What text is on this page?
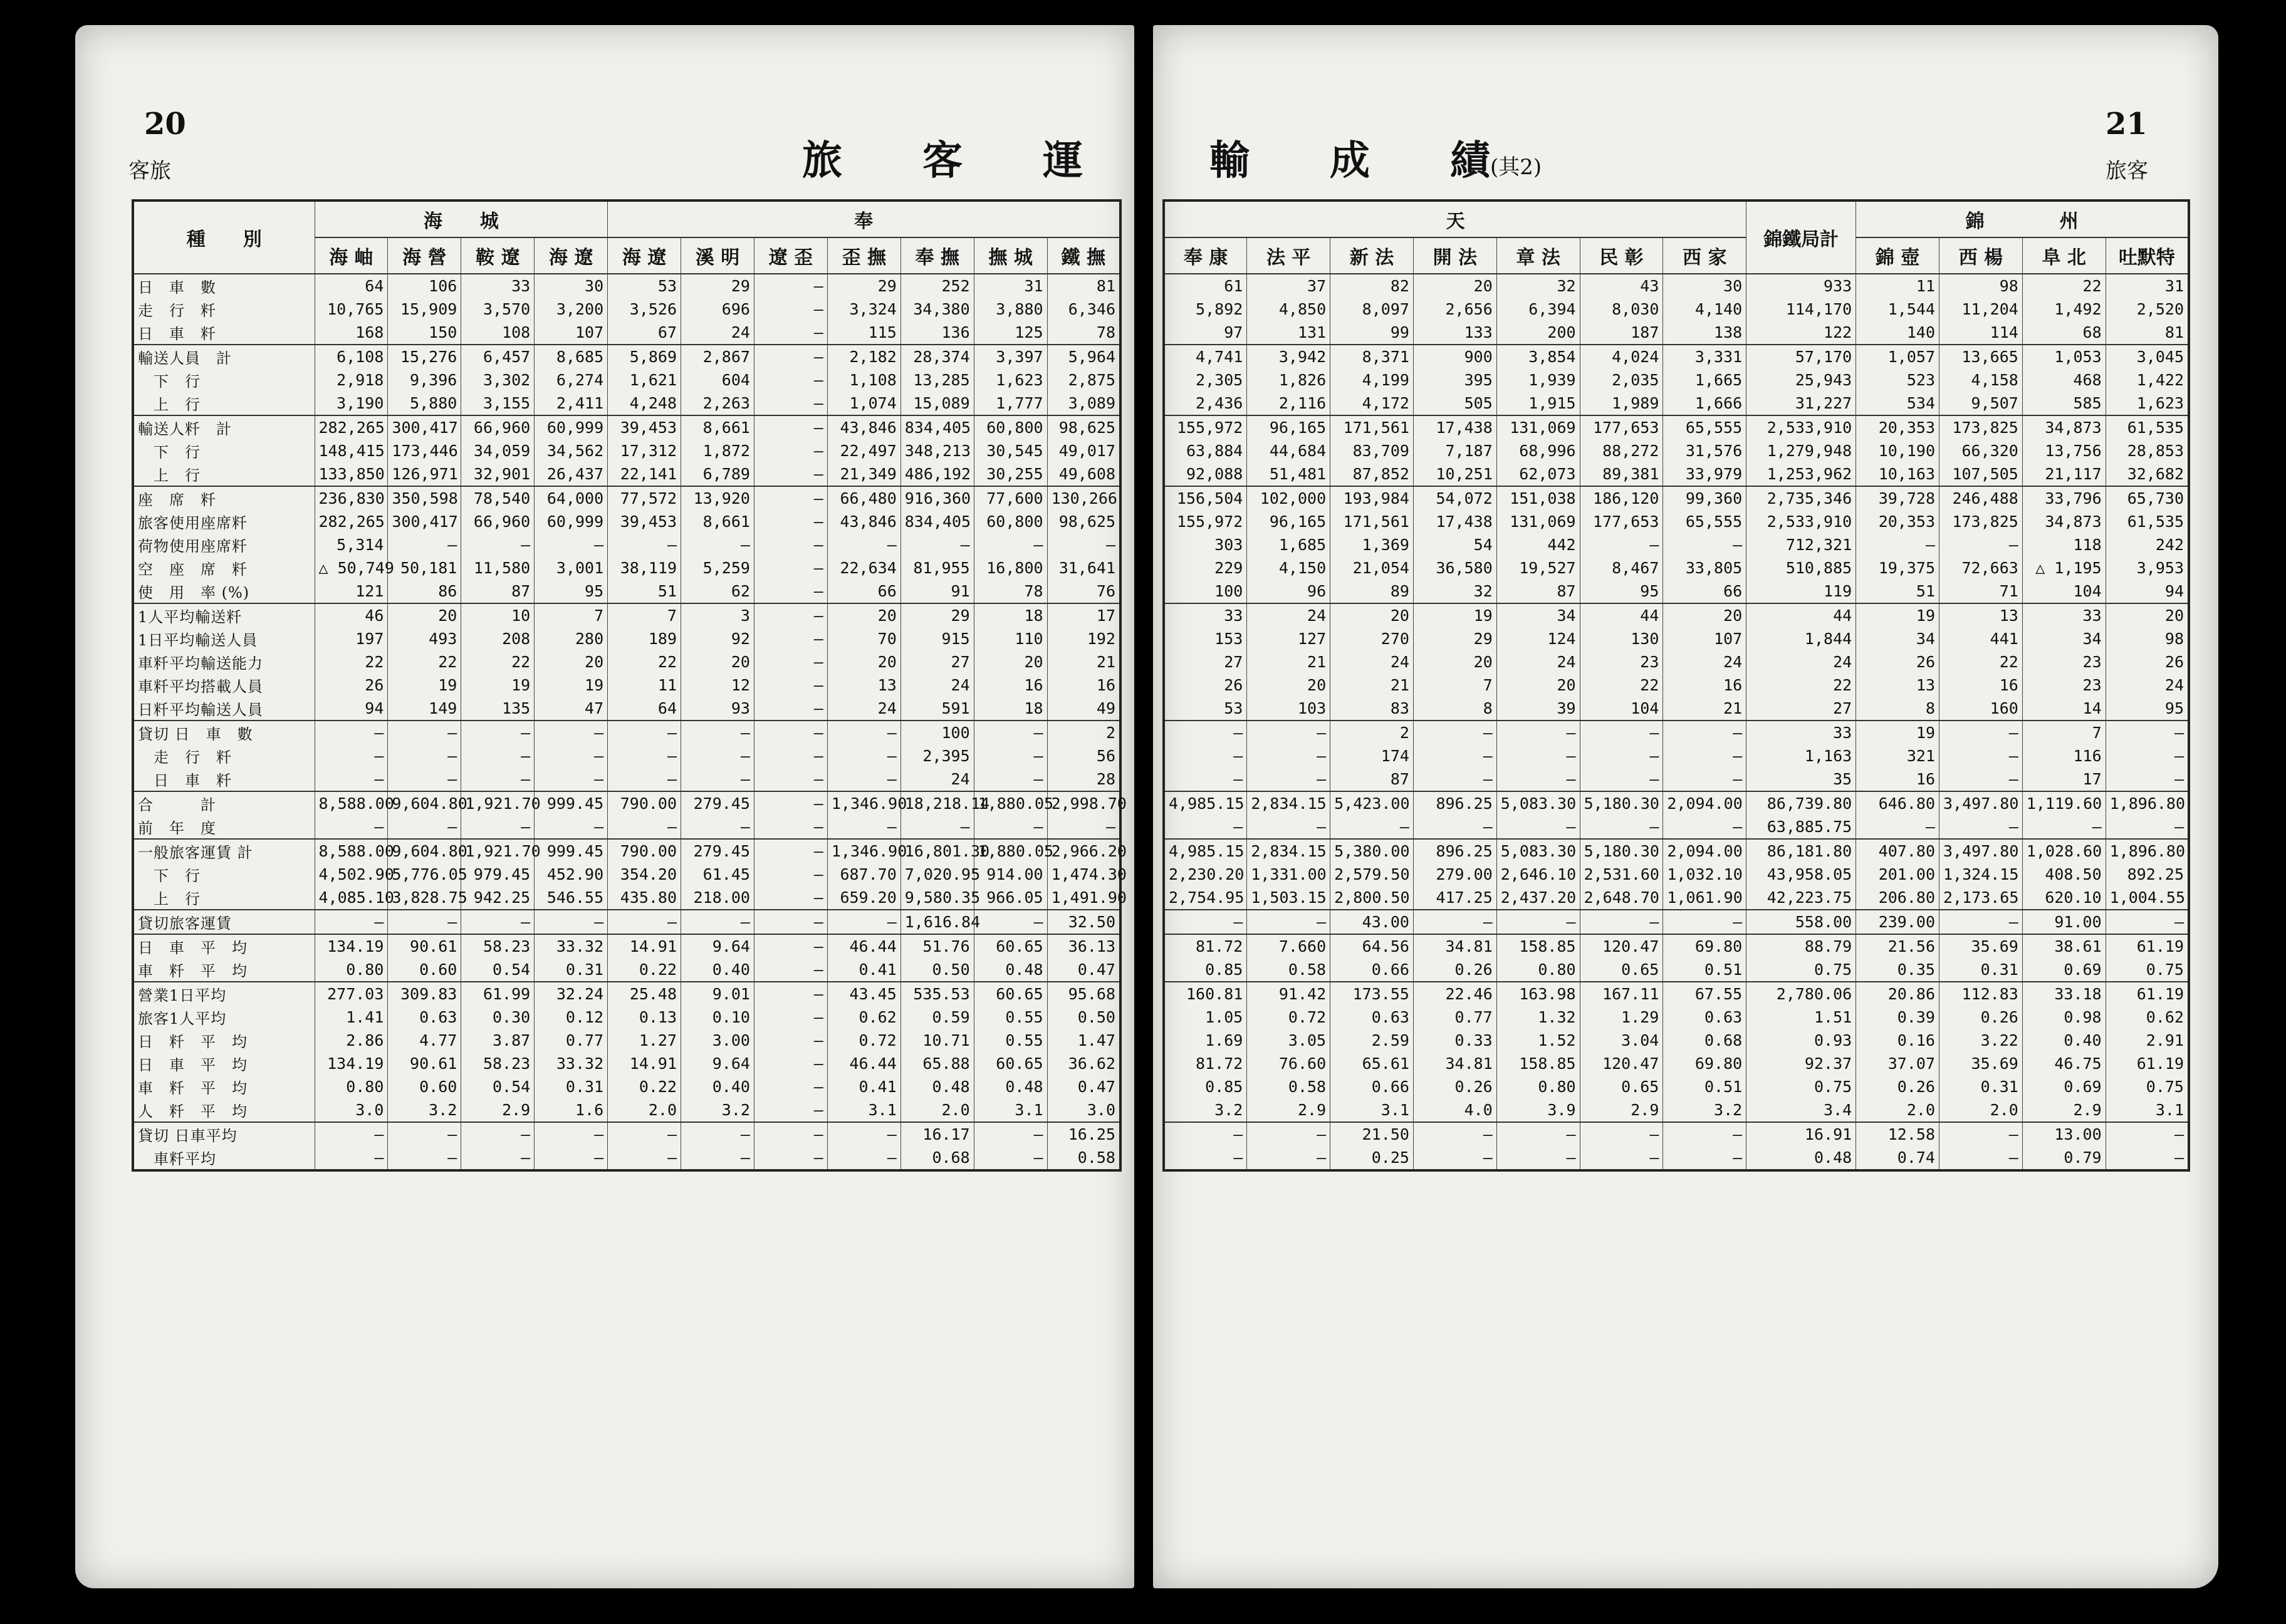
20
客旅	旅　　客　　運
種　　別	海　　城				奉						
	海 岫	海 營	鞍 遼	海 遼	海 遼	溪 明	遼 歪	歪 撫	奉 撫	撫 城	鐵 撫
日　車　數	64	106	33	30	53	29	—	29	252	31	81
走　行　粁	10,765	15,909	3,570	3,200	3,526	696	—	3,324	34,380	3,880	6,346
日　車　粁	168	150	108	107	67	24	—	115	136	125	78
輸送人員　計	6,108	15,276	6,457	8,685	5,869	2,867	—	2,182	28,374	3,397	5,964
　下　行	2,918	9,396	3,302	6,274	1,621	604	—	1,108	13,285	1,623	2,875
　上　行	3,190	5,880	3,155	2,411	4,248	2,263	—	1,074	15,089	1,777	3,089
輸送人粁　計	282,265	300,417	66,960	60,999	39,453	8,661	—	43,846	834,405	60,800	98,625
　下　行	148,415	173,446	34,059	34,562	17,312	1,872	—	22,497	348,213	30,545	49,017
　上　行	133,850	126,971	32,901	26,437	22,141	6,789	—	21,349	486,192	30,255	49,608
座　席　粁	236,830	350,598	78,540	64,000	77,572	13,920	—	66,480	916,360	77,600	130,266
旅客使用座席粁	282,265	300,417	66,960	60,999	39,453	8,661	—	43,846	834,405	60,800	98,625
荷物使用座席粁	5,314	—	—	—	—	—	—	—	—	—	—
空　座　席　粁	△ 50,749	50,181	11,580	3,001	38,119	5,259	—	22,634	81,955	16,800	31,641
使　用　率 (%)	121	86	87	95	51	62	—	66	91	78	76
1人平均輸送粁	46	20	10	7	7	3	—	20	29	18	17
1日平均輸送人員	197	493	208	280	189	92	—	70	915	110	192
車粁平均輸送能力	22	22	22	20	22	20	—	20	27	20	21
車粁平均搭載人員	26	19	19	19	11	12	—	13	24	16	16
日粁平均輸送人員	94	149	135	47	64	93	—	24	591	18	49
貸切 日　車　數	—	—	—	—	—	—	—	—	100	—	2
　走　行　粁	—	—	—	—	—	—	—	—	2,395	—	56
　日　車　粁	—	—	—	—	—	—	—	—	24	—	28
合　　　計	8,588.00	9,604.80	1,921.70	999.45	790.00	279.45	—	1,346.90	18,218.14	1,880.05	2,998.70
前　年　度	—	—	—	—	—	—	—	—	—	—	—
一般旅客運賃 計	8,588.00	9,604.80	1,921.70	999.45	790.00	279.45	—	1,346.90	16,801.30	1,880.05	2,966.20
　下　行	4,502.90	5,776.05	979.45	452.90	354.20	61.45	—	687.70	7,020.95	914.00	1,474.30
　上　行	4,085.10	3,828.75	942.25	546.55	435.80	218.00	—	659.20	9,580.35	966.05	1,491.90
貸切旅客運賃	—	—	—	—	—	—	—	—	1,616.84	—	32.50
日　車　平　均	134.19	90.61	58.23	33.32	14.91	9.64	—	46.44	51.76	60.65	36.13
車　粁　平　均	0.80	0.60	0.54	0.31	0.22	0.40	—	0.41	0.50	0.48	0.47
營業1日平均	277.03	309.83	61.99	32.24	25.48	9.01	—	43.45	535.53	60.65	95.68
旅客1人平均	1.41	0.63	0.30	0.12	0.13	0.10	—	0.62	0.59	0.55	0.50
日　粁　平　均	2.86	4.77	3.87	0.77	1.27	3.00	—	0.72	10.71	0.55	1.47
日　車　平　均	134.19	90.61	58.23	33.32	14.91	9.64	—	46.44	65.88	60.65	36.62
車　粁　平　均	0.80	0.60	0.54	0.31	0.22	0.40	—	0.41	0.48	0.48	0.47
人　粁　平　均	3.0	3.2	2.9	1.6	2.0	3.2	—	3.1	2.0	3.1	3.0
貸切 日車平均	—	—	—	—	—	—	—	—	16.17	—	16.25
　車粁平均	—	—	—	—	—	—	—	—	0.68	—	0.58
輸　　成　　績(其2)
21
旅客
天							錦鐵局計	錦　　　　州			
奉 康	法 平	新 法	開 法	章 法	民 彰	西 家		錦 壺	西 楊	阜 北	吐默特
61	37	82	20	32	43	30	933	11	98	22	31
5,892	4,850	8,097	2,656	6,394	8,030	4,140	114,170	1,544	11,204	1,492	2,520
97	131	99	133	200	187	138	122	140	114	68	81
4,741	3,942	8,371	900	3,854	4,024	3,331	57,170	1,057	13,665	1,053	3,045
2,305	1,826	4,199	395	1,939	2,035	1,665	25,943	523	4,158	468	1,422
2,436	2,116	4,172	505	1,915	1,989	1,666	31,227	534	9,507	585	1,623
155,972	96,165	171,561	17,438	131,069	177,653	65,555	2,533,910	20,353	173,825	34,873	61,535
63,884	44,684	83,709	7,187	68,996	88,272	31,576	1,279,948	10,190	66,320	13,756	28,853
92,088	51,481	87,852	10,251	62,073	89,381	33,979	1,253,962	10,163	107,505	21,117	32,682
156,504	102,000	193,984	54,072	151,038	186,120	99,360	2,735,346	39,728	246,488	33,796	65,730
155,972	96,165	171,561	17,438	131,069	177,653	65,555	2,533,910	20,353	173,825	34,873	61,535
303	1,685	1,369	54	442	—	—	712,321	—	—	118	242
229	4,150	21,054	36,580	19,527	8,467	33,805	510,885	19,375	72,663	△ 1,195	3,953
100	96	89	32	87	95	66	119	51	71	104	94
33	24	20	19	34	44	20	44	19	13	33	20
153	127	270	29	124	130	107	1,844	34	441	34	98
27	21	24	20	24	23	24	24	26	22	23	26
26	20	21	7	20	22	16	22	13	16	23	24
53	103	83	8	39	104	21	27	8	160	14	95
—	—	2	—	—	—	—	33	19	—	7	—
—	—	174	—	—	—	—	1,163	321	—	116	—
—	—	87	—	—	—	—	35	16	—	17	—
4,985.15	2,834.15	5,423.00	896.25	5,083.30	5,180.30	2,094.00	86,739.80	646.80	3,497.80	1,119.60	1,896.80
—	—	—	—	—	—	—	63,885.75	—	—	—	—
4,985.15	2,834.15	5,380.00	896.25	5,083.30	5,180.30	2,094.00	86,181.80	407.80	3,497.80	1,028.60	1,896.80
2,230.20	1,331.00	2,579.50	279.00	2,646.10	2,531.60	1,032.10	43,958.05	201.00	1,324.15	408.50	892.25
2,754.95	1,503.15	2,800.50	417.25	2,437.20	2,648.70	1,061.90	42,223.75	206.80	2,173.65	620.10	1,004.55
—	—	43.00	—	—	—	—	558.00	239.00	—	91.00	—
81.72	7.660	64.56	34.81	158.85	120.47	69.80	88.79	21.56	35.69	38.61	61.19
0.85	0.58	0.66	0.26	0.80	0.65	0.51	0.75	0.35	0.31	0.69	0.75
160.81	91.42	173.55	22.46	163.98	167.11	67.55	2,780.06	20.86	112.83	33.18	61.19
1.05	0.72	0.63	0.77	1.32	1.29	0.63	1.51	0.39	0.26	0.98	0.62
1.69	3.05	2.59	0.33	1.52	3.04	0.68	0.93	0.16	3.22	0.40	2.91
81.72	76.60	65.61	34.81	158.85	120.47	69.80	92.37	37.07	35.69	46.75	61.19
0.85	0.58	0.66	0.26	0.80	0.65	0.51	0.75	0.26	0.31	0.69	0.75
3.2	2.9	3.1	4.0	3.9	2.9	3.2	3.4	2.0	2.0	2.9	3.1
—	—	21.50	—	—	—	—	16.91	12.58	—	13.00	—
—	—	0.25	—	—	—	—	0.48	0.74	—	0.79	—
